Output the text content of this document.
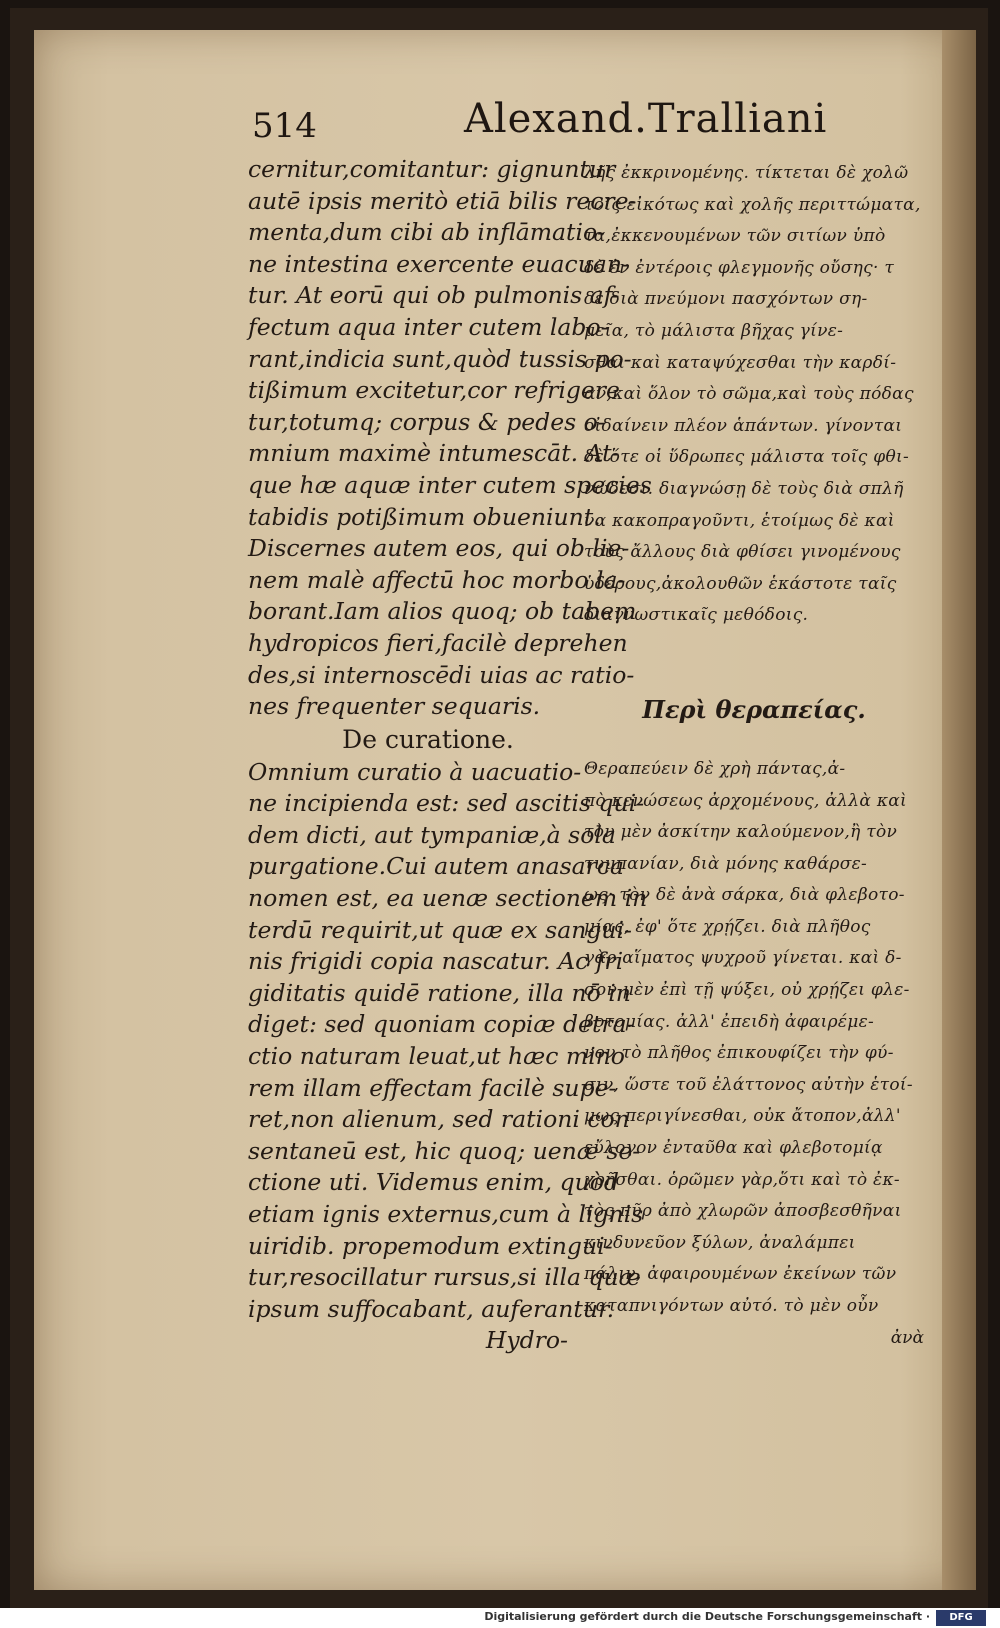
514	Alexand.Tralliani
cernitur,comitantur: gignuntur
autē ipsis meritò etiā bilis recre-
menta,dum cibi ab inflāmatio-
ne intestina exercente euacuan-
tur. At eorū qui ob pulmonis af-
fectum aqua inter cutem labo-
rant,indicia sunt,quòd tussis po-
tißimum excitetur,cor refrigere
tur,totumq; corpus & pedes o-
mnium maximè intumescāt. At-
que hæ aquæ inter cutem species
tabidis potißimum obueniunt.
Discernes autem eos, qui ob lie-
nem malè affectū hoc morbo la-
borant.Iam alios quoq; ob tabem
hydropicos fieri,facilè deprehen
des,si internoscēdi uias ac ratio-
nes frequenter sequaris.
De curatione.
Omnium curatio à uacuatio-
ne incipienda est: sed ascitis qui-
dem dicti, aut tympaniæ,à sola
purgatione.Cui autem anasarca
nomen est, ea uenæ sectionem in
terdū requirit,ut quæ ex sangui-
nis frigidi copia nascatur. Ac fri
giditatis quidē ratione, illa nō in
diget: sed quoniam copiæ detra-
ctio naturam leuat,ut hæc mino
rem illam effectam facilè supe-
ret,non alienum, sed rationi con
sentaneū est, hic quoq; uenæ se-
ctione uti. Videmus enim, quòd
etiam ignis externus,cum à lignis
uiridib. propemodum extingui-
tur,resocillatur rursus,si illa quæ
ipsum suffocabant, auferantur.
Hydro-
λῆς ἐκκρινομένης. τίκτεται δὲ χολῶ
τοῖς εἰκότως καὶ χολῆς περιττώματα,
τα,ἐκκενουμένων τῶν σιτίων ὑπὸ
δὲ ἐν ἐντέροις φλεγμονῆς οὔσης· τ
δὲ διὰ πνεύμονι πασχόντων ση-
μεῖα, τὸ μάλιστα βῆχας γίνε-
σθαι καὶ καταψύχεσθαι τὴν καρδί-
αν,καὶ ὅλον τὸ σῶμα,καὶ τοὺς πόδας
οἰδαίνειν πλέον ἁπάντων. γίνονται
δὲ ὅτε οἱ ὕδρωπες μάλιστα τοῖς φθι-
νώδεσι. διαγνώσῃ δὲ τοὺς διὰ σπλῆ
να κακοπραγοῦντι, ἑτοίμως δὲ καὶ
τοὺς ἄλλους διὰ φθίσει γινομένους
ὑδέρους,ἀκολουθῶν ἑκάστοτε ταῖς
διαγνωστικαῖς μεθόδοις.
Περὶ θεραπείας.
Θεραπεύειν δὲ χρὴ πάντας,ἀ-
πὸ κενώσεως ἀρχομένους, ἀλλὰ καὶ
τὸν μὲν ἀσκίτην καλούμενον,ἢ τὸν
τυμπανίαν, διὰ μόνης καθάρσε-
ως· τὸν δὲ ἀνὰ σάρκα, διὰ φλεβοτο-
μίας, ἐφ' ὅτε χρῄζει. διὰ πλῆθος
γὰρ αἵματος ψυχροῦ γίνεται. καὶ δ-
σον μὲν ἐπὶ τῇ ψύξει, οὐ χρῄζει φλε-
βοτομίας. ἀλλ' ἐπειδὴ ἀφαιρέμε-
νον τὸ πλῆθος ἐπικουφίζει τὴν φύ-
σιν, ὥστε τοῦ ἐλάττονος αὐτὴν ἑτοί-
μως περιγίνεσθαι, οὐκ ἄτοπον,ἀλλ'
εὔλογον ἐνταῦθα καὶ φλεβοτομίᾳ
χρῆσθαι. ὁρῶμεν γὰρ,ὅτι καὶ τὸ ἐκ-
τὸς πῦρ ἀπὸ χλωρῶν ἀποσβεσθῆναι
κινδυνεῦον ξύλων, ἀναλάμπει
πάλιν, ἀφαιρουμένων ἐκείνων τῶν
καταπνιγόντων αὐτό. τὸ μὲν οὖν
ἀνὰ
Digitalisierung gefördert durch die Deutsche Forschungsgemeinschaft ·	DFG
